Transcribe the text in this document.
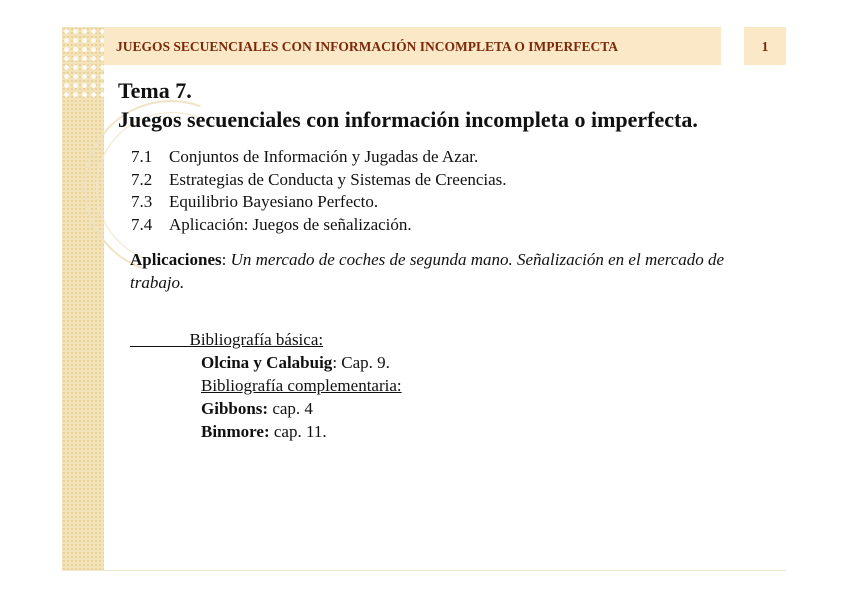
JUEGOS SECUENCIALES CON INFORMACIÓN INCOMPLETA O IMPERFECTA	1
Tema 7.
Juegos secuenciales con información incompleta o imperfecta.
7.1 Conjuntos de Información y Jugadas de Azar.
7.2 Estrategias de Conducta y Sistemas de Creencias.
7.3 Equilibrio Bayesiano Perfecto.
7.4 Aplicación: Juegos de señalización.
Aplicaciones: Un mercado de coches de segunda mano. Señalización en el mercado de trabajo.
Bibliografía básica:
Olcina y Calabuig: Cap. 9.
Bibliografía complementaria:
Gibbons: cap. 4
Binmore: cap. 11.
